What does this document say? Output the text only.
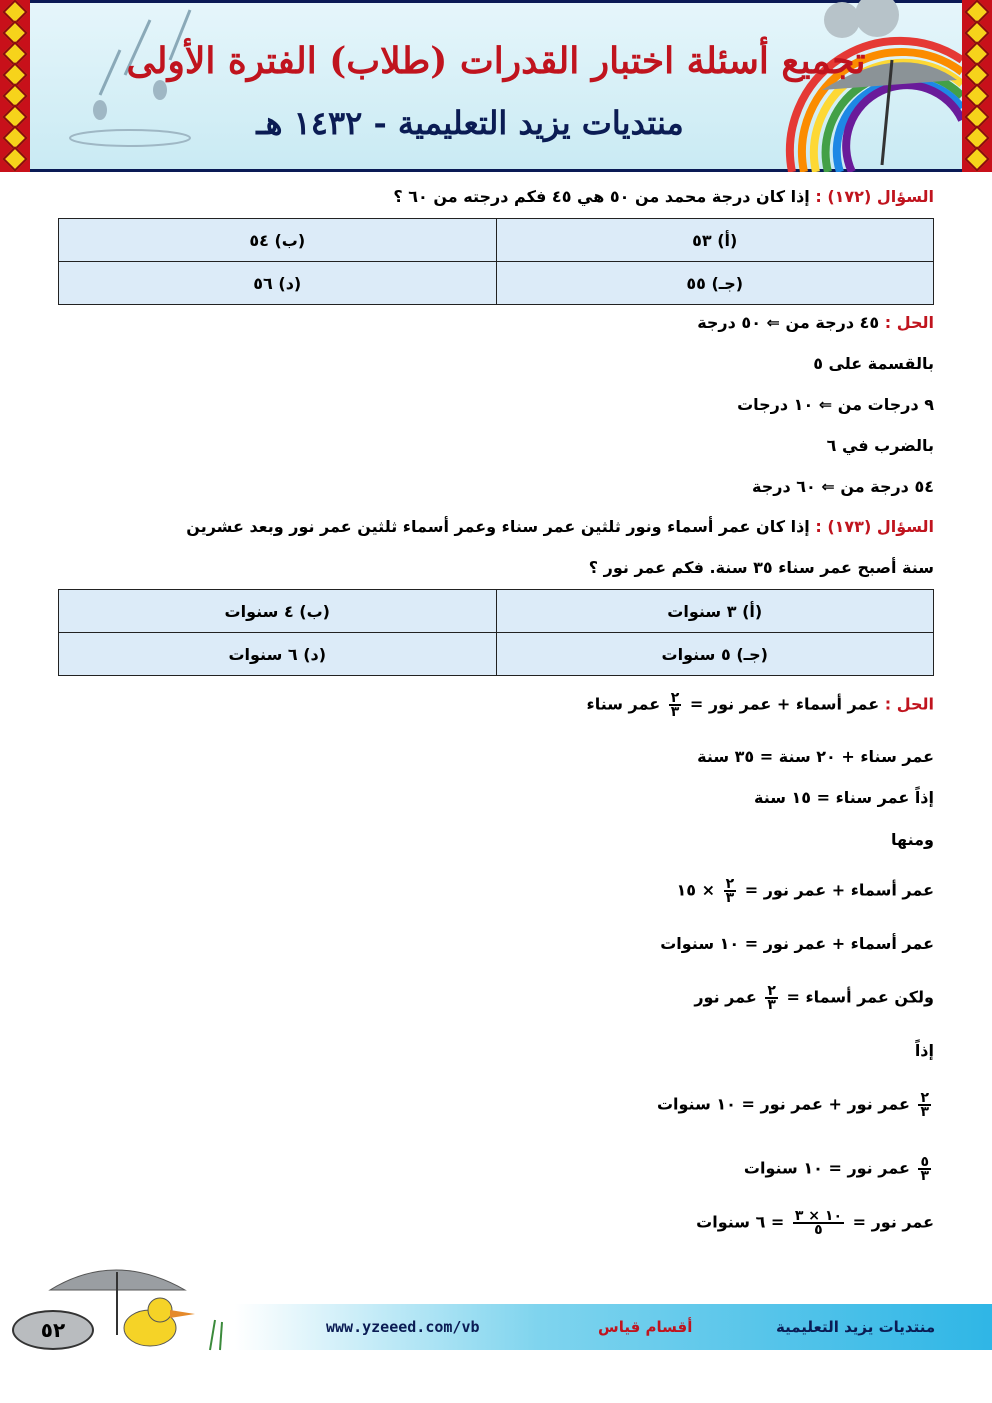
تجميع أسئلة اختبار القدرات (طلاب) الفترة الأولى
منتديات يزيد التعليمية - ١٤٣٢ هـ
السؤال (١٧٢) : إذا كان درجة محمد من ٥٠ هي ٤٥ فكم درجته من ٦٠ ؟
(أ) ٥٣	(ب) ٥٤
(جـ) ٥٥	(د) ٥٦
الحل : ٤٥ درجة من ⇐ ٥٠ درجة
بالقسمة على ٥
٩ درجات من ⇐ ١٠ درجات
بالضرب في ٦
٥٤ درجة من ⇐ ٦٠ درجة
السؤال (١٧٣) : إذا كان عمر أسماء ونور ثلثين عمر سناء وعمر أسماء ثلثين عمر نور وبعد عشرين
سنة أصبح عمر سناء ٣٥ سنة. فكم عمر نور ؟
(أ) ٣ سنوات	(ب) ٤ سنوات
(جـ) ٥ سنوات	(د) ٦ سنوات
الحل : عمر أسماء + عمر نور =
$\frac{٢}{٣}$
عمر سناء
عمر سناء + ٢٠ سنة = ٣٥ سنة
إذاً عمر سناء = ١٥ سنة
ومنها
عمر أسماء + عمر نور =
$\frac{٢}{٣}$
× ١٥
عمر أسماء + عمر نور = ١٠ سنوات
ولكن عمر أسماء =
$\frac{٢}{٣}$
عمر نور
إذاً
$\frac{٢}{٣}$
عمر نور + عمر نور = ١٠ سنوات
$\frac{٥}{٣}$
عمر نور = ١٠ سنوات
عمر نور =
$\frac{١٠ \times ٣}{٥}$
= ٦ سنوات
٥٢	www.yzeeed.com/vb	أقسام قياس	منتديات يزيد التعليمية
